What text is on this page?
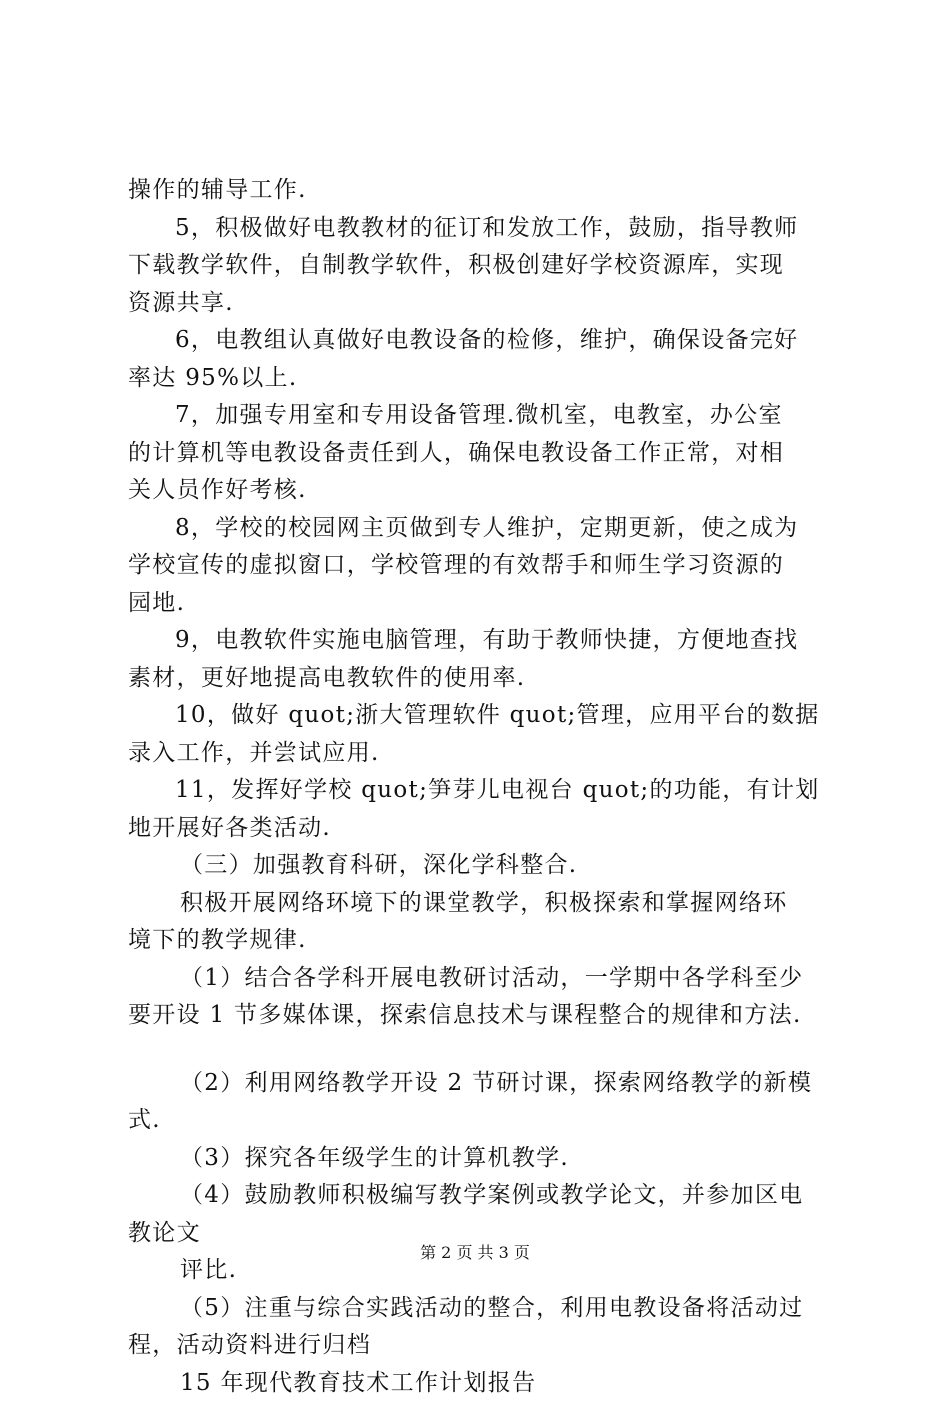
操作的辅导工作.
5，积极做好电教教材的征订和发放工作，鼓励，指导教师
下载教学软件，自制教学软件，积极创建好学校资源库，实现
资源共享.
6，电教组认真做好电教设备的检修，维护，确保设备完好
率达 95%以上.
7，加强专用室和专用设备管理.微机室，电教室，办公室
的计算机等电教设备责任到人，确保电教设备工作正常，对相
关人员作好考核.
8，学校的校园网主页做到专人维护，定期更新，使之成为
学校宣传的虚拟窗口，学校管理的有效帮手和师生学习资源的
园地.
9，电教软件实施电脑管理，有助于教师快捷，方便地查找
素材，更好地提高电教软件的使用率.
10，做好 quot;浙大管理软件 quot;管理，应用平台的数据
录入工作，并尝试应用.
11，发挥好学校 quot;笋芽儿电视台 quot;的功能，有计划
地开展好各类活动.
（三）加强教育科研，深化学科整合.
积极开展网络环境下的课堂教学，积极探索和掌握网络环
境下的教学规律.
（1）结合各学科开展电教研讨活动，一学期中各学科至少
要开设 1 节多媒体课，探索信息技术与课程整合的规律和方法.
（2）利用网络教学开设 2 节研讨课，探索网络教学的新模
式.
（3）探究各年级学生的计算机教学.
（4）鼓励教师积极编写教学案例或教学论文，并参加区电
教论文
评比.
（5）注重与综合实践活动的整合，利用电教设备将活动过
程，活动资料进行归档
15 年现代教育技术工作计划报告
第 2 页 共 3 页
